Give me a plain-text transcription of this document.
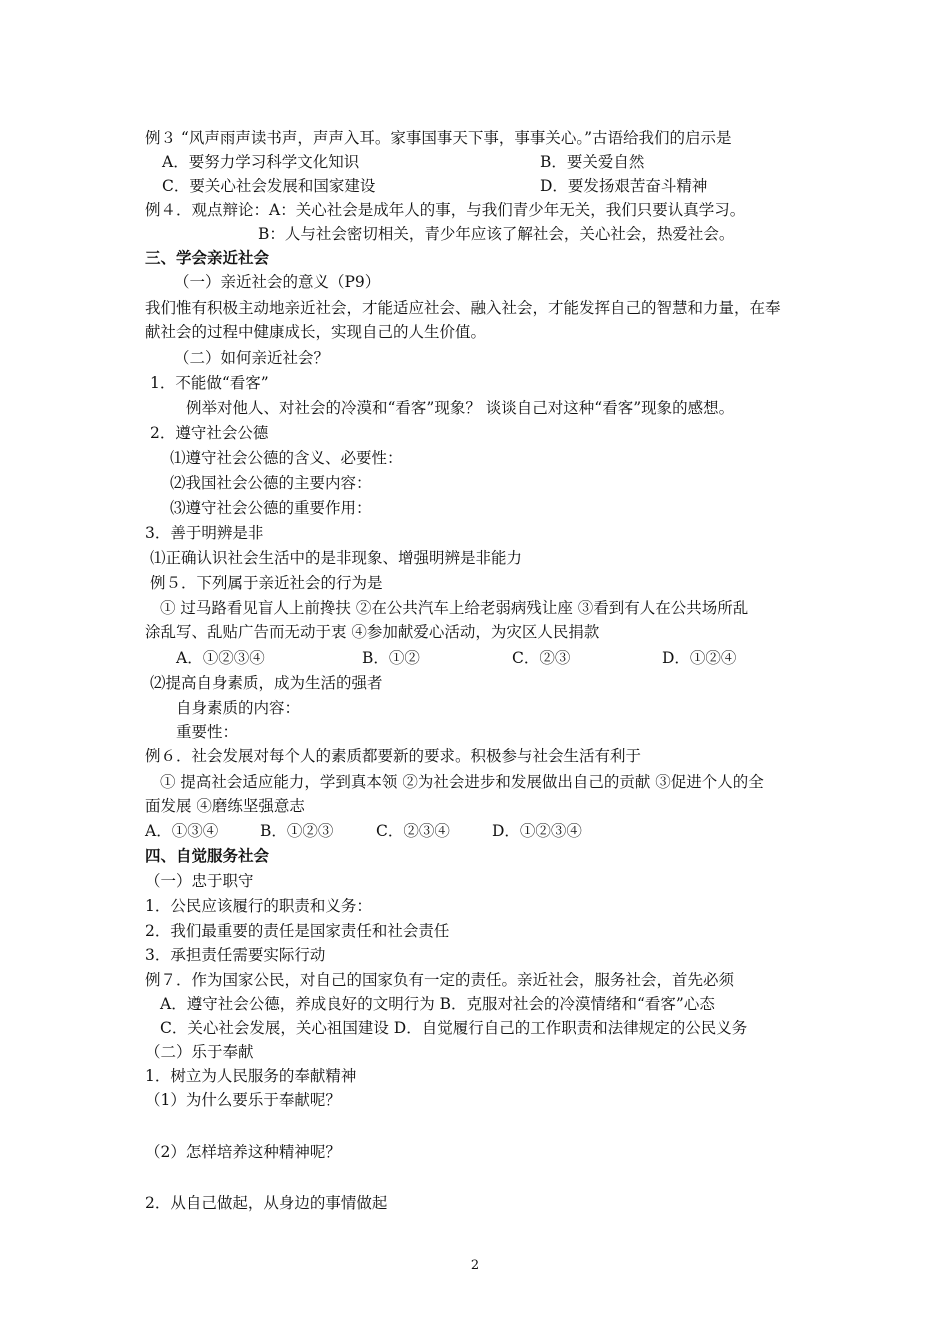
例３ “风声雨声读书声，声声入耳。家事国事天下事，事事关心。”古语给我们的启示是
A．要努力学习科学文化知识	B．要关爱自然
C．要关心社会发展和国家建设	D．要发扬艰苦奋斗精神
例４．观点辩论：A：关心社会是成年人的事，与我们青少年无关，我们只要认真学习。
B：人与社会密切相关，青少年应该了解社会，关心社会，热爱社会。
三、学会亲近社会
（一）亲近社会的意义（P9）
我们惟有积极主动地亲近社会，才能适应社会、融入社会，才能发挥自己的智慧和力量，在奉
献社会的过程中健康成长，实现自己的人生价值。
（二）如何亲近社会？
1．不能做“看客”
例举对他人、对社会的冷漠和“看客”现象？ 谈谈自己对这种“看客”现象的感想。
2．遵守社会公德
⑴遵守社会公德的含义、必要性：
⑵我国社会公德的主要内容：
⑶遵守社会公德的重要作用：
3．善于明辨是非
⑴正确认识社会生活中的是非现象、增强明辨是非能力
例５．下列属于亲近社会的行为是
① 过马路看见盲人上前搀扶 ②在公共汽车上给老弱病残让座 ③看到有人在公共场所乱
涂乱写、乱贴广告而无动于衷 ④参加献爱心活动，为灾区人民捐款
A．①②③④	B．①②	C．②③	D．①②④
⑵提高自身素质，成为生活的强者
自身素质的内容：
重要性：
例６．社会发展对每个人的素质都要新的要求。积极参与社会生活有利于
① 提高社会适应能力，学到真本领 ②为社会进步和发展做出自己的贡献 ③促进个人的全
面发展 ④磨练坚强意志
A．①③④	B．①②③	C．②③④	D．①②③④
四、自觉服务社会
（一）忠于职守
1．公民应该履行的职责和义务：
2．我们最重要的责任是国家责任和社会责任
3．承担责任需要实际行动
例７．作为国家公民，对自己的国家负有一定的责任。亲近社会，服务社会，首先必须
A．遵守社会公德，养成良好的文明行为 B．克服对社会的冷漠情绪和“看客”心态
C．关心社会发展，关心祖国建设 D．自觉履行自己的工作职责和法律规定的公民义务
（二）乐于奉献
1．树立为人民服务的奉献精神
（1）为什么要乐于奉献呢？
（2）怎样培养这种精神呢？
2．从自己做起，从身边的事情做起
2
